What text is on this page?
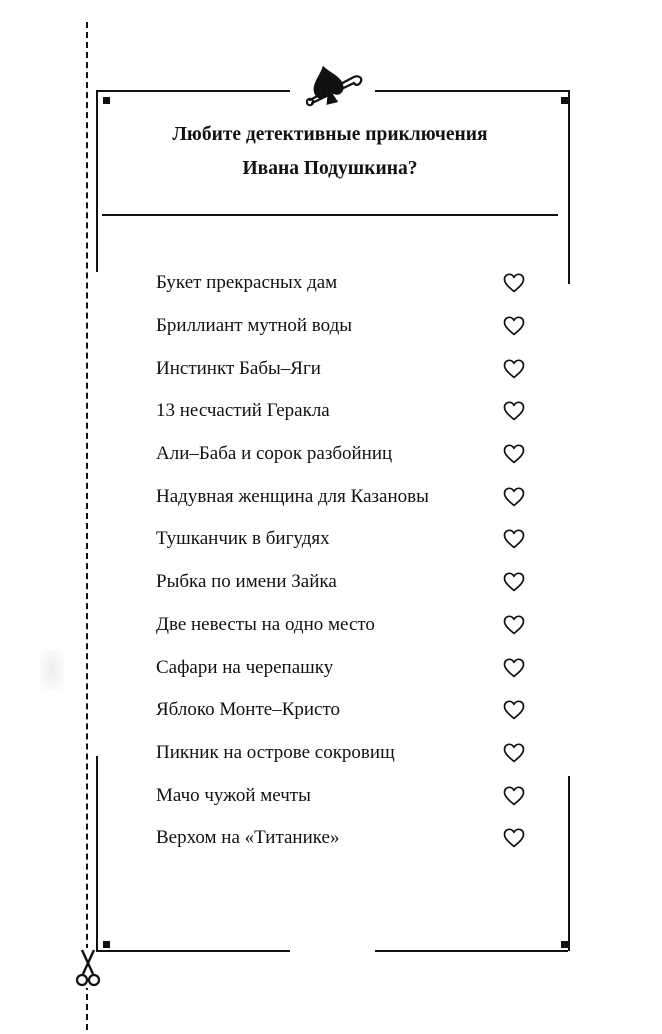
Любите детективные приключения
Ивана Подушкина?
Букет прекрасных дам
Бриллиант мутной воды
Инстинкт Бабы–Яги
13 несчастий Геракла
Али–Баба и сорок разбойниц
Надувная женщина для Казановы
Тушканчик в бигудях
Рыбка по имени Зайка
Две невесты на одно место
Сафари на черепашку
Яблоко Монте–Кристо
Пикник на острове сокровищ
Мачо чужой мечты
Верхом на «Титанике»
